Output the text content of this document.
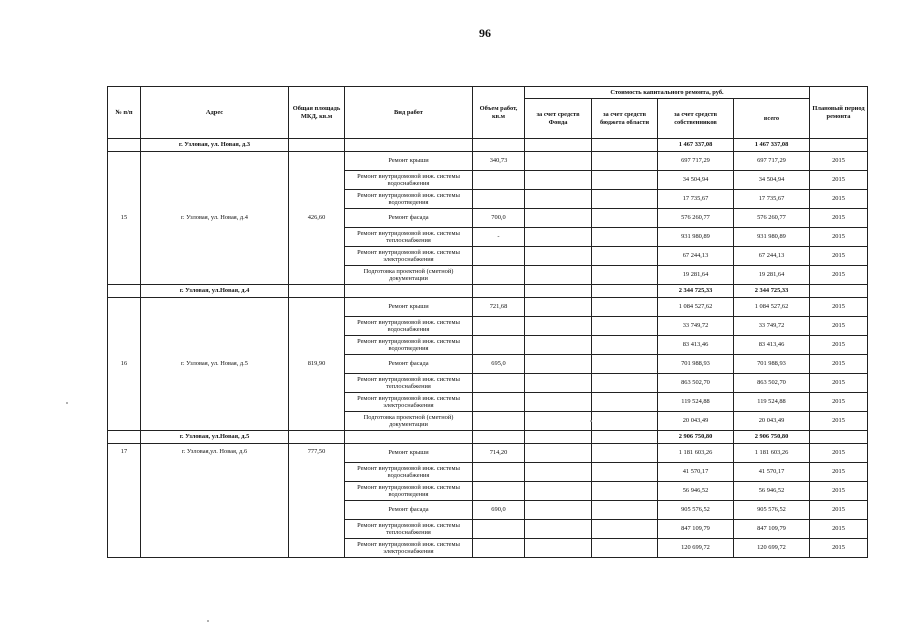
96
№ п/п	Адрес	Общая площадь МКД, кв.м	Вид работ	Объем работ, кв.м	Стоимость капитального ремонта, руб.				Плановый период ремонта
					за счет средств Фонда	за счет средств бюджета области	за счет средств собственников	всего	
	г. Узловая, ул. Новая, д.3						1 467 337,08	1 467 337,08	
15	г. Узловая, ул. Новая, д.4	426,60	Ремонт крыши	340,73			697 717,29	697 717,29	2015
			Ремонт внутридомовой инж. системы водоснабжения				34 504,94	34 504,94	2015
			Ремонт внутридомовой инж. системы водоотведения				17 735,67	17 735,67	2015
			Ремонт фасада	700,0			576 260,77	576 260,77	2015
			Ремонт внутридомовой инж. системы теплоснабжения	-			931 980,89	931 980,89	2015
			Ремонт внутридомовой инж. системы электроснабжения				67 244,13	67 244,13	2015
			Подготовка проектной (сметной) документации				19 281,64	19 281,64	2015
	г. Узловая, ул.Новая, д.4						2 344 725,33	2 344 725,33	
16	г. Узловая, ул. Новая, д.5	819,90	Ремонт крыши	721,68			1 084 527,62	1 084 527,62	2015
			Ремонт внутридомовой инж. системы водоснабжения				33 749,72	33 749,72	2015
			Ремонт внутридомовой инж. системы водоотведения				83 413,46	83 413,46	2015
			Ремонт фасада	695,0			701 988,93	701 988,93	2015
			Ремонт внутридомовой инж. системы теплоснабжения				863 502,70	863 502,70	2015
			Ремонт внутридомовой инж. системы электроснабжения				119 524,88	119 524,88	2015
			Подготовка проектной (сметной) документации				20 043,49	20 043,49	2015
	г. Узловая, ул.Новая, д.5						2 906 750,80	2 906 750,80	
17	г. Узловая,ул. Новая, д.6	777,50	Ремонт крыши	714,20			1 181 603,26	1 181 603,26	2015
			Ремонт внутридомовой инж. системы водоснабжения				41 570,17	41 570,17	2015
			Ремонт внутридомовой инж. системы водоотведения				56 946,52	56 946,52	2015
			Ремонт фасада	690,0			905 576,52	905 576,52	2015
			Ремонт внутридомовой инж. системы теплоснабжения				847 109,79	847 109,79	2015
			Ремонт внутридомовой инж. системы электроснабжения				120 699,72	120 699,72	2015
